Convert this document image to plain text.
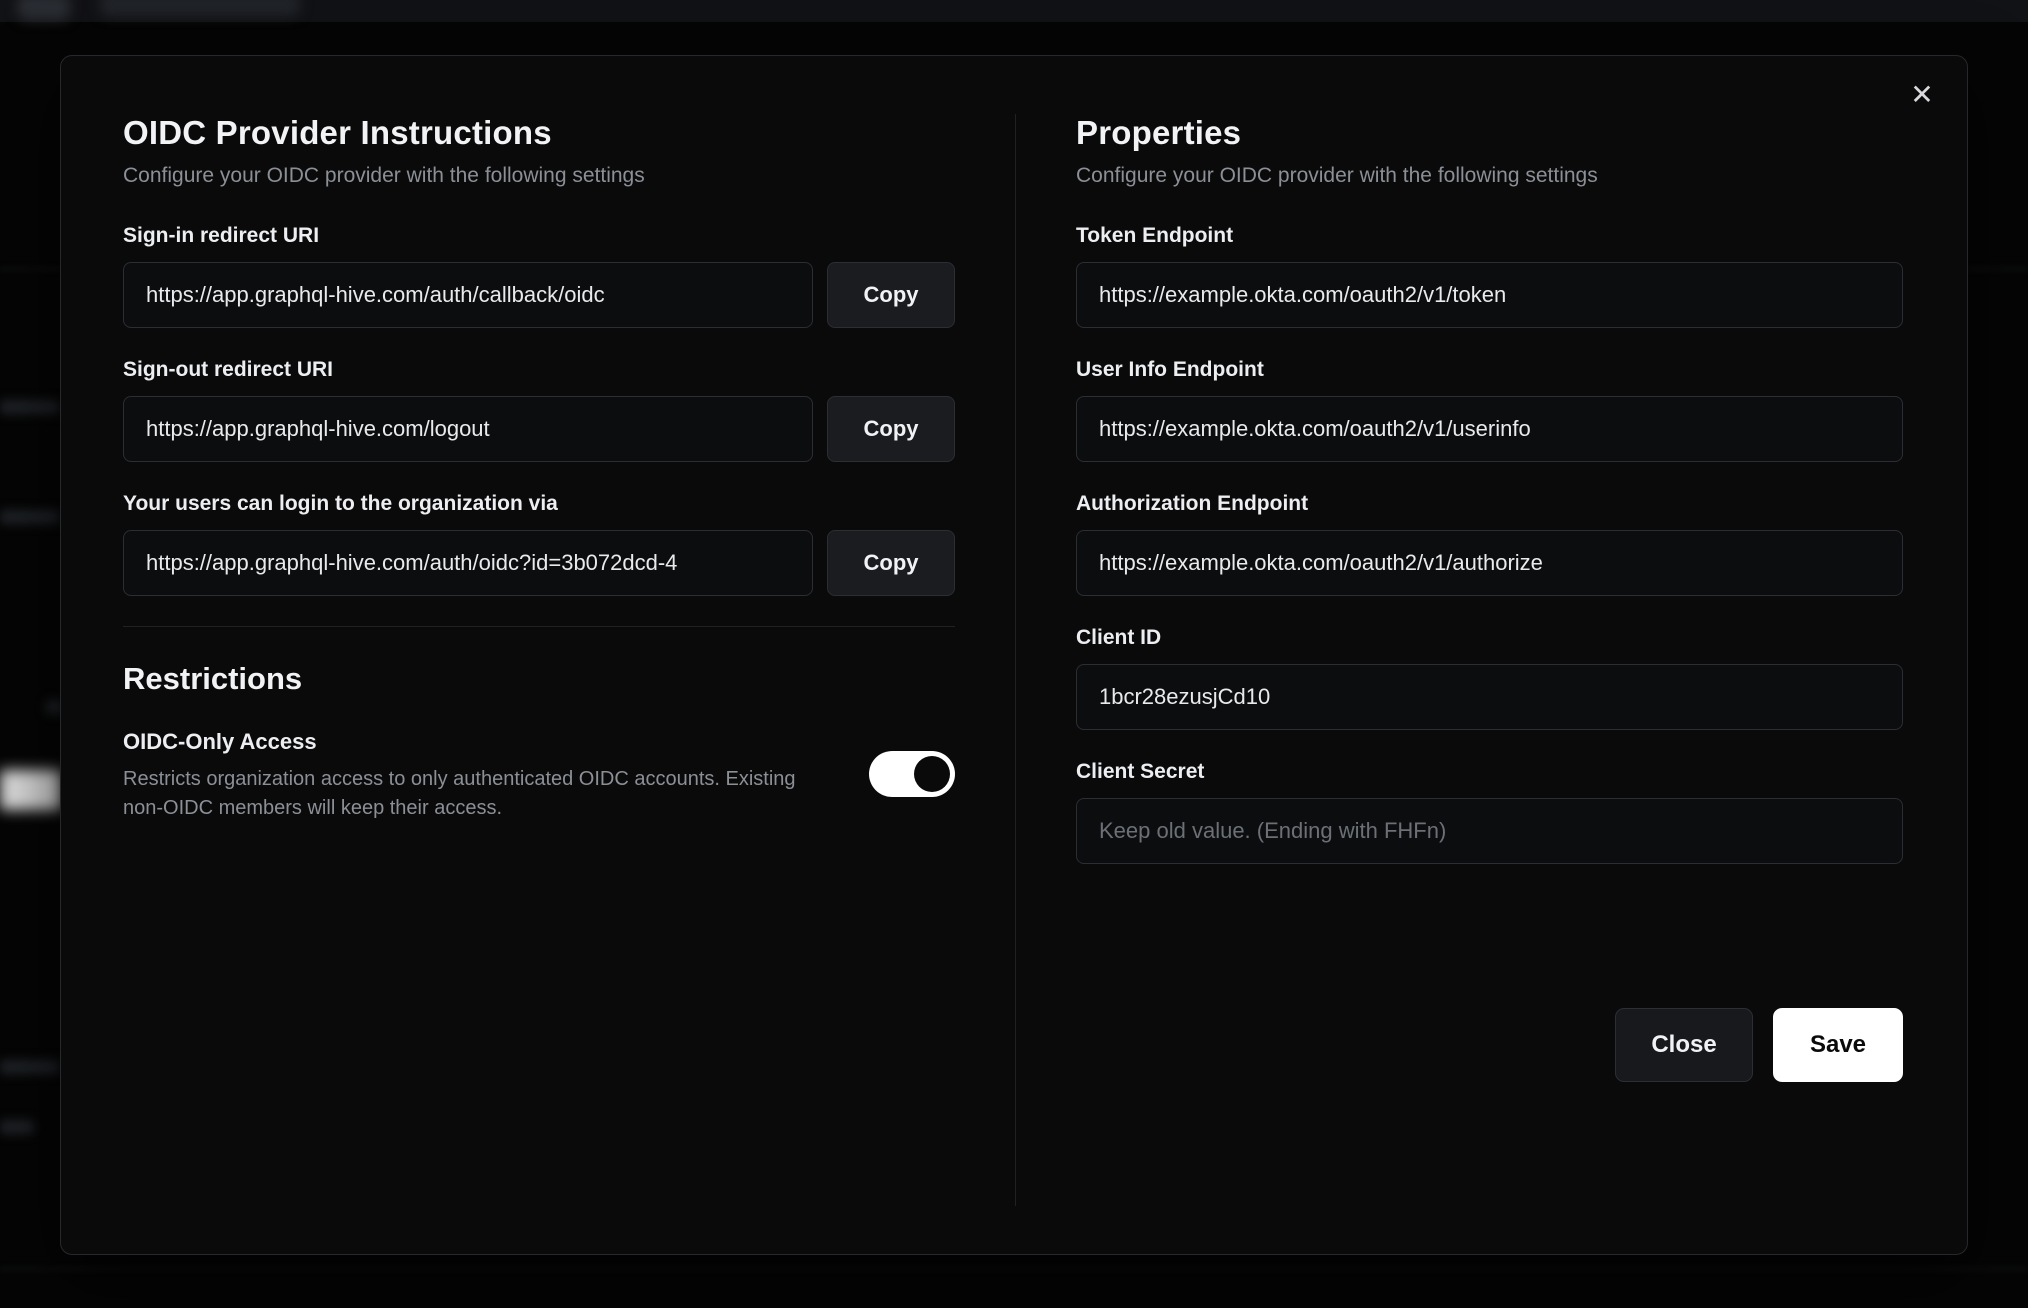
✕
OIDC Provider Instructions

Configure your OIDC provider with the following settings

Sign-in redirect URI
https://app.graphql-hive.com/auth/callback/oidc
Copy
Sign-out redirect URI
https://app.graphql-hive.com/logout
Copy
Your users can login to the organization via
https://app.graphql-hive.com/auth/oidc?id=3b072dcd-4
Copy
Restrictions
OIDC-Only Access
Restricts organization access to only authenticated OIDC accounts. Existing non-OIDC members will keep their access.
Properties

Configure your OIDC provider with the following settings

Token Endpoint
https://example.okta.com/oauth2/v1/token
User Info Endpoint
https://example.okta.com/oauth2/v1/userinfo
Authorization Endpoint
https://example.okta.com/oauth2/v1/authorize
Client ID
1bcr28ezusjCd10
Client Secret
Keep old value. (Ending with FHFn)
Close	Save
